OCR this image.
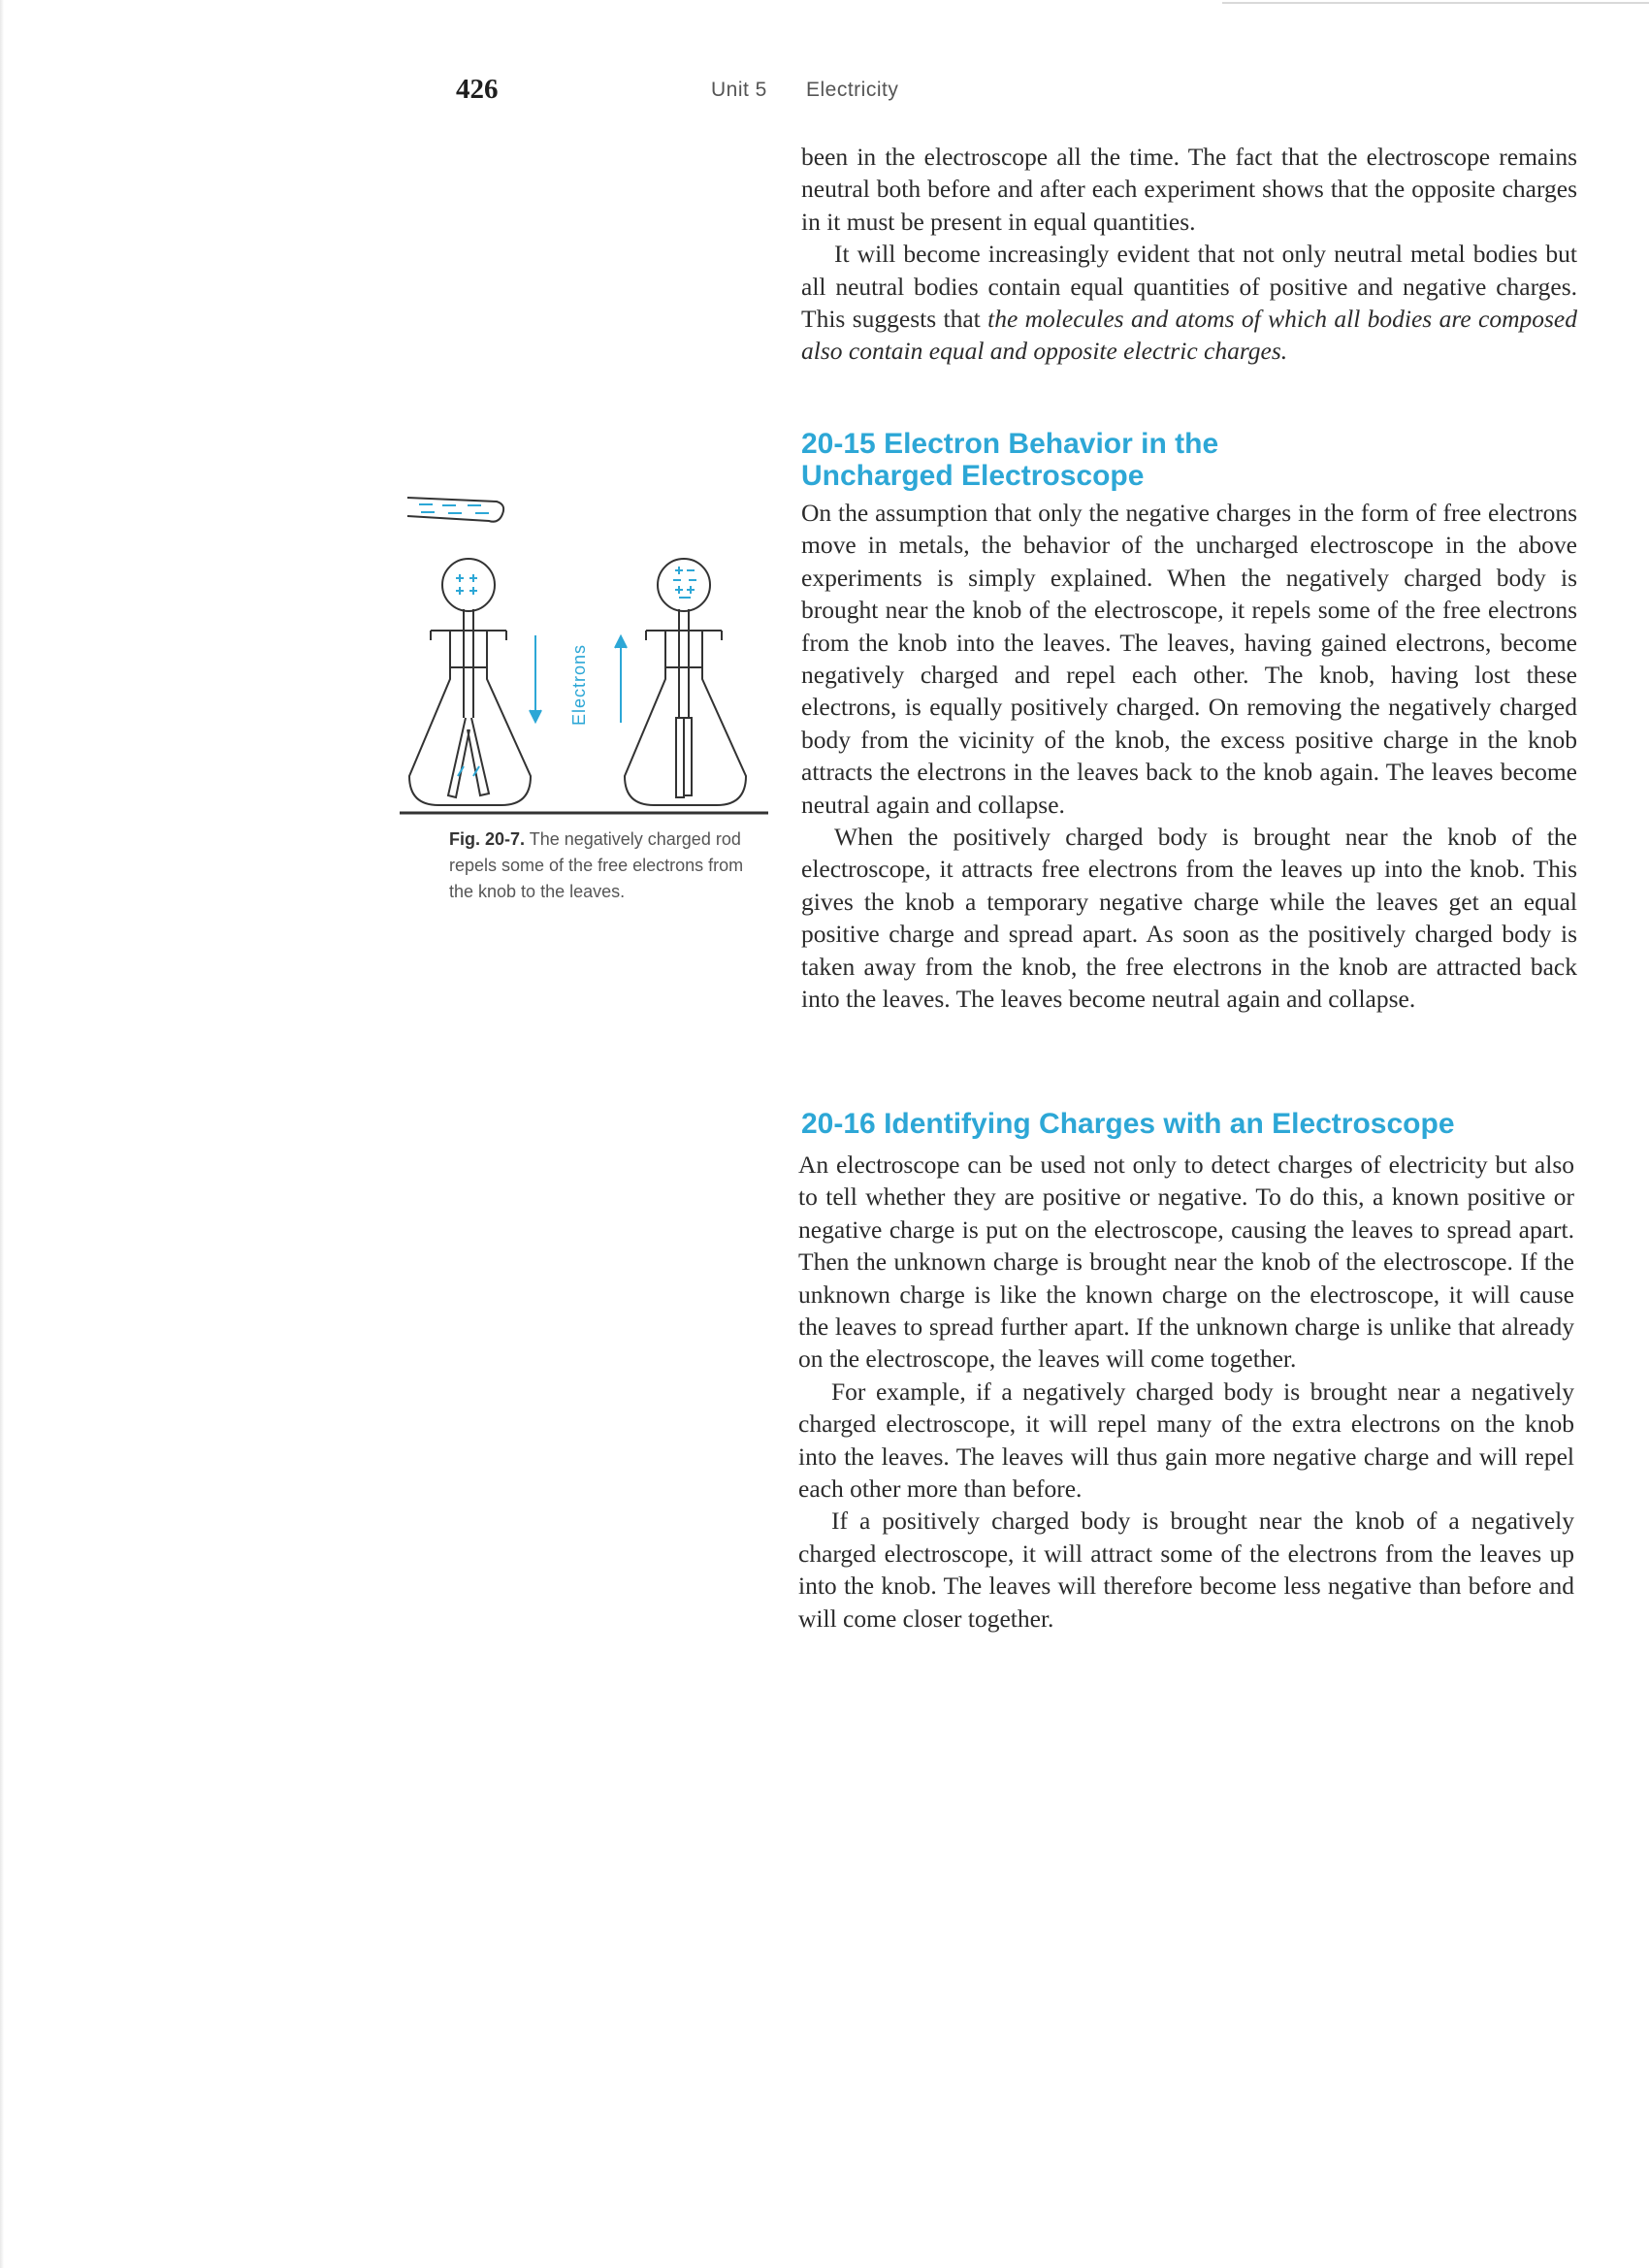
426	Unit 5 Electricity

been in the electroscope all the time. The fact that the electroscope remains neutral both before and after each experiment shows that the opposite charges in it must be present in equal quantities.

It will become increasingly evident that not only neutral metal bodies but all neutral bodies contain equal quantities of positive and negative charges. This suggests that the molecules and atoms of which all bodies are composed also contain equal and opposite electric charges.

20-15 Electron Behavior in the
Uncharged Electroscope

On the assumption that only the negative charges in the form of free electrons move in metals, the behavior of the uncharged electroscope in the above experiments is simply explained. When the negatively charged body is brought near the knob of the electroscope, it repels some of the free electrons from the knob into the leaves. The leaves, having gained electrons, become negatively charged and repel each other. The knob, having lost these electrons, is equally positively charged. On removing the negatively charged body from the vicinity of the knob, the excess positive charge in the knob attracts the electrons in the leaves back to the knob again. The leaves become neutral again and collapse.

When the positively charged body is brought near the knob of the electroscope, it attracts free electrons from the leaves up into the knob. This gives the knob a temporary negative charge while the leaves get an equal positive charge and spread apart. As soon as the positively charged body is taken away from the knob, the free electrons in the knob are attracted back into the leaves. The leaves become neutral again and collapse.

20-16 Identifying Charges with an Electroscope

An electroscope can be used not only to detect charges of electricity but also to tell whether they are positive or negative. To do this, a known positive or negative charge is put on the electroscope, causing the leaves to spread apart. Then the unknown charge is brought near the knob of the electroscope. If the unknown charge is like the known charge on the electroscope, it will cause the leaves to spread further apart. If the unknown charge is unlike that already on the electroscope, the leaves will come together.

For example, if a negatively charged body is brought near a negatively charged electroscope, it will repel many of the extra electrons on the knob into the leaves. The leaves will thus gain more negative charge and will repel each other more than before.

If a positively charged body is brought near the knob of a negatively charged electroscope, it will attract some of the electrons from the leaves up into the knob. The leaves will therefore become less negative than before and will come closer together.

Electrons
Fig. 20-7. The negatively charged rod repels some of the free electrons from the knob to the leaves.
